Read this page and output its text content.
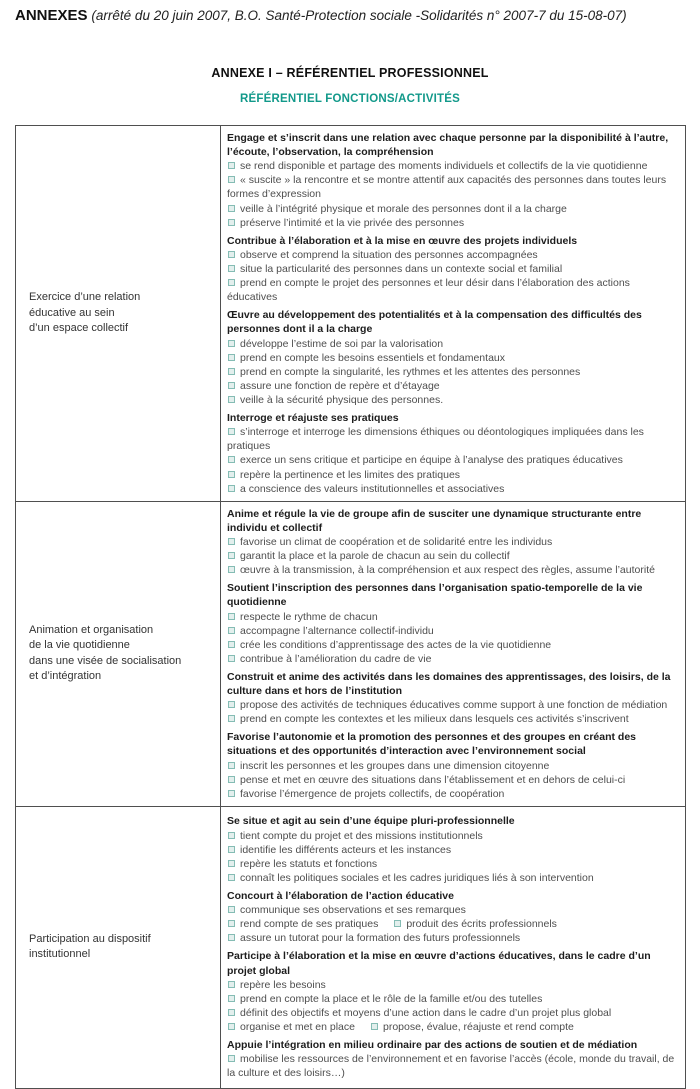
ANNEXES (arrêté du 20 juin 2007, B.O. Santé-Protection sociale -Solidarités n° 2007-7 du 15-08-07)
ANNEXE I – RÉFÉRENTIEL PROFESSIONNEL
RÉFÉRENTIEL FONCTIONS/ACTIVITÉS
Exercice d’une relation
éducative au sein
d’un espace collectif

Engage et s’inscrit dans une relation avec chaque personne par la disponibilité à l’autre, l’écoute, l’observation, la compréhension
se rend disponible et partage des moments individuels et collectifs de la vie quotidienne
« suscite » la rencontre et se montre attentif aux capacités des personnes dans toutes leurs formes d’expression
veille à l’intégrité physique et morale des personnes dont il a la charge
préserve l’intimité et la vie privée des personnes
Contribue à l’élaboration et à la mise en œuvre des projets individuels
observe et comprend la situation des personnes accompagnées
situe la particularité des personnes dans un contexte social et familial
prend en compte le projet des personnes et leur désir dans l’élaboration des actions éducatives
Œuvre au développement des potentialités et à la compensation des difficultés des personnes dont il a la charge
développe l’estime de soi par la valorisation
prend en compte les besoins essentiels et fondamentaux
prend en compte la singularité, les rythmes et les attentes des personnes
assure une fonction de repère et d’étayage
veille à la sécurité physique des personnes.
Interroge et réajuste ses pratiques
s’interroge et interroge les dimensions éthiques ou déontologiques impliquées dans les pratiques
exerce un sens critique et participe en équipe à l’analyse des pratiques éducatives
repère la pertinence et les limites des pratiques
a conscience des valeurs institutionnelles et associatives

Animation et organisation
de la vie quotidienne
dans une visée de socialisation
et d’intégration

Anime et régule la vie de groupe afin de susciter une dynamique structurante entre individu et collectif
favorise un climat de coopération et de solidarité entre les individus
garantit la place et la parole de chacun au sein du collectif
œuvre à la transmission, à la compréhension et aux respect des règles, assume l’autorité
Soutient l’inscription des personnes dans l’organisation spatio-temporelle de la vie quotidienne
respecte le rythme de chacun
accompagne l’alternance collectif-individu
crée les conditions d’apprentissage des actes de la vie quotidienne
contribue à l’amélioration du cadre de vie
Construit et anime des activités dans les domaines des apprentissages, des loisirs, de la culture dans et hors de l’institution
propose des activités de techniques éducatives comme support à une fonction de médiation
prend en compte les contextes et les milieux dans lesquels ces activités s’inscrivent
Favorise l’autonomie et la promotion des personnes et des groupes en créant des situations et des opportunités d’interaction avec l’environnement social
inscrit les personnes et les groupes dans une dimension citoyenne
pense et met en œuvre des situations dans l’établissement et en dehors de celui-ci
favorise l’émergence de projets collectifs, de coopération

Participation au dispositif
institutionnel

Se situe et agit au sein d’une équipe pluri-professionnelle
tient compte du projet et des missions institutionnels
identifie les différents acteurs et les instances
repère les statuts et fonctions
connaît les politiques sociales et les cadres juridiques liés à son intervention
Concourt à l’élaboration de l’action éducative
communique ses observations et ses remarques
rend compte de ses pratiques	produit des écrits professionnels
assure un tutorat pour la formation des futurs professionnels
Participe à l’élaboration et la mise en œuvre d’actions éducatives, dans le cadre d’un projet global
repère les besoins
prend en compte la place et le rôle de la famille et/ou des tutelles
définit des objectifs et moyens d’une action dans le cadre d’un projet plus global
organise et met en place	propose, évalue, réajuste et rend compte
Appuie l’intégration en milieu ordinaire par des actions de soutien et de médiation
mobilise les ressources de l’environnement et en favorise l’accès (école, monde du travail, de la culture et des loisirs…)
